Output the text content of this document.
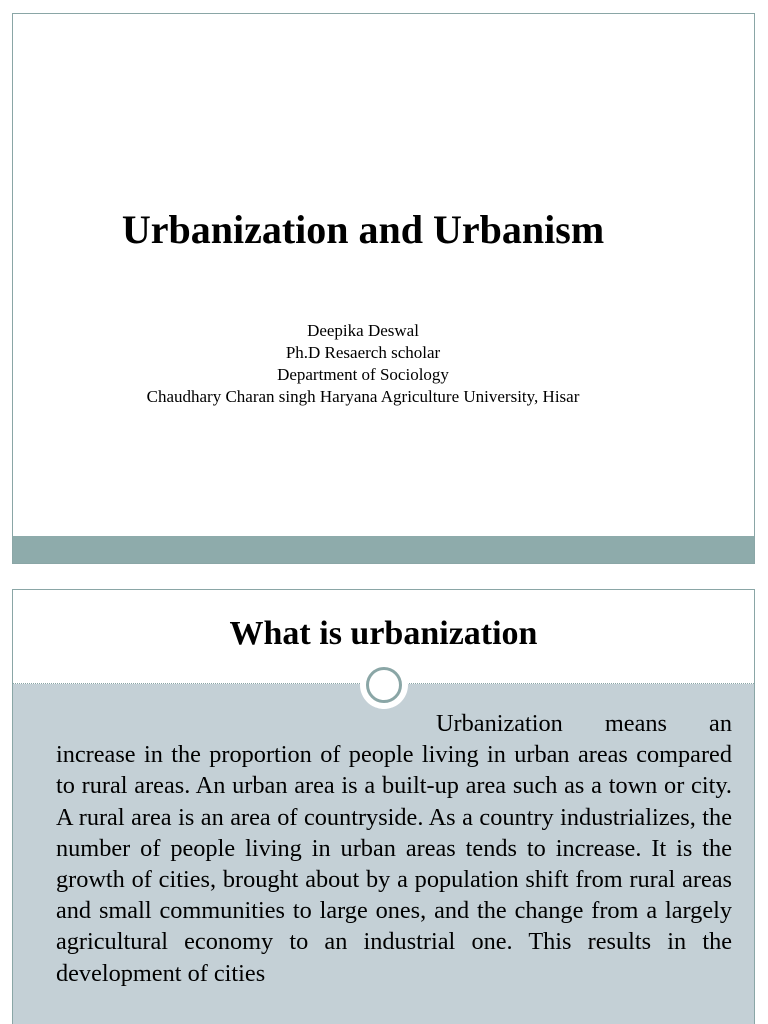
Urbanization and Urbanism
Deepika Deswal
Ph.D Resaerch scholar
Department of Sociology
Chaudhary Charan singh Haryana Agriculture University, Hisar
What is urbanization

Urbanization means an increase in the proportion of people living in urban areas compared to rural areas. An urban area is a built-up area such as a town or city. A rural area is an area of countryside. As a country industrializes, the number of people living in urban areas tends to increase. It is the growth of cities, brought about by a population shift from rural areas and small communities to large ones, and the change from a largely agricultural economy to an industrial one. This results in the development of cities
